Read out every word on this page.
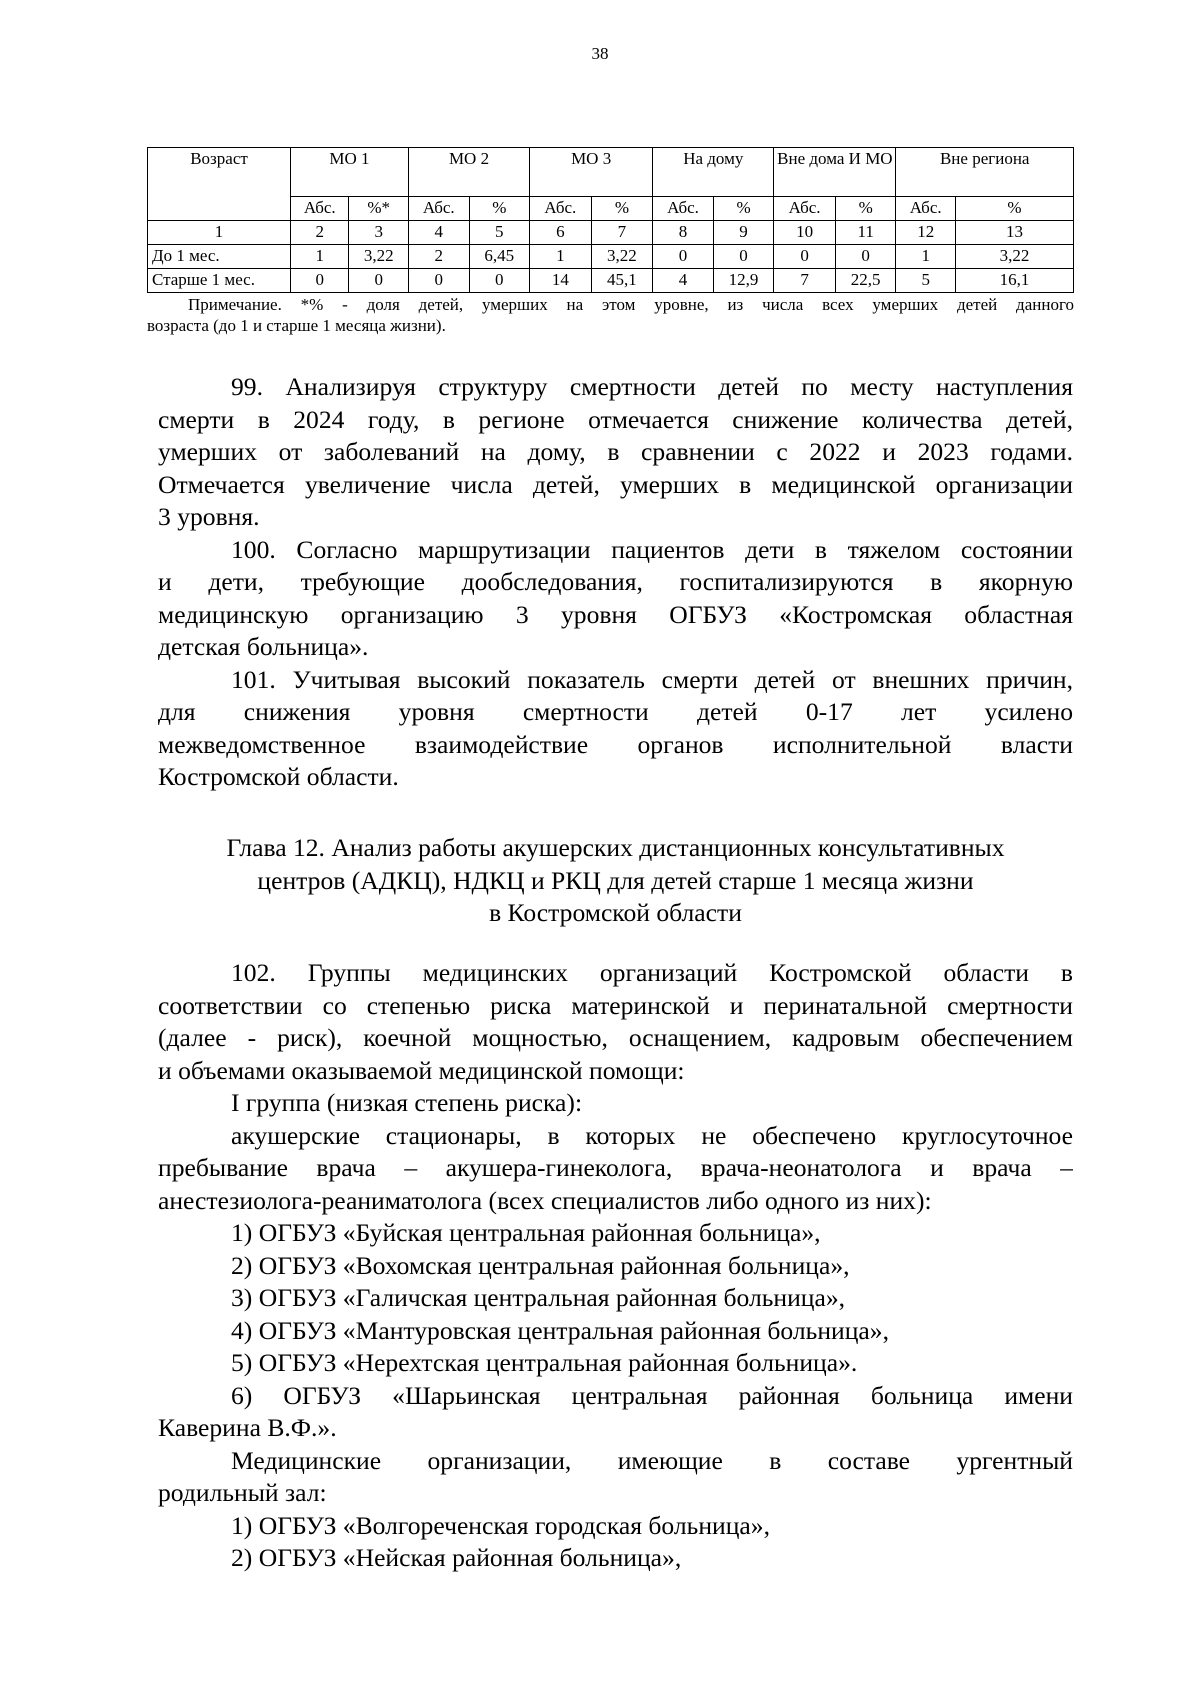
38
Возраст	МО 1		МО 2		МО 3		На дому		Вне дома И МО		Вне региона	
	Абс.	%*	Абс.	%	Абс.	%	Абс.	%	Абс.	%	Абс.	%
1	2	3	4	5	6	7	8	9	10	11	12	13
До 1 мес.	1	3,22	2	6,45	1	3,22	0	0	0	0	1	3,22
Старше 1 мес.	0	0	0	0	14	45,1	4	12,9	7	22,5	5	16,1

Примечание. *% - доля детей, умерших на этом уровне, из числа всех умерших детей данного

возраста (до 1 и старше 1 месяца жизни).

99. Анализируя структуру смертности детей по месту наступления
смерти в 2024 году, в регионе отмечается снижение количества детей,
умерших от заболеваний на дому, в сравнении с 2022 и 2023 годами.
Отмечается увеличение числа детей, умерших в медицинской организации
3 уровня.
100. Согласно маршрутизации пациентов дети в тяжелом состоянии
и дети, требующие дообследования, госпитализируются в якорную
медицинскую организацию 3 уровня ОГБУЗ «Костромская областная
детская больница».
101. Учитывая высокий показатель смерти детей от внешних причин,
для снижения уровня смертности детей 0-17 лет усилено
межведомственное взаимодействие органов исполнительной власти
Костромской области.
Глава 12. Анализ работы акушерских дистанционных консультативных
центров (АДКЦ), НДКЦ и РКЦ для детей старше 1 месяца жизни
в Костромской области
102. Группы медицинских организаций Костромской области в
соответствии со степенью риска материнской и перинатальной смертности
(далее - риск), коечной мощностью, оснащением, кадровым обеспечением
и объемами оказываемой медицинской помощи:
I группа (низкая степень риска):
акушерские стационары, в которых не обеспечено круглосуточное
пребывание врача – акушера-гинеколога, врача-неонатолога и врача –
анестезиолога-реаниматолога (всех специалистов либо одного из них):
1) ОГБУЗ «Буйская центральная районная больница»,
2) ОГБУЗ «Вохомская центральная районная больница»,
3) ОГБУЗ «Галичская центральная районная больница»,
4) ОГБУЗ «Мантуровская центральная районная больница»,
5) ОГБУЗ «Нерехтская центральная районная больница».
6) ОГБУЗ «Шарьинская центральная районная больница имени
Каверина В.Ф.».
Медицинские организации, имеющие в составе ургентный
родильный зал:
1) ОГБУЗ «Волгореченская городская больница»,
2) ОГБУЗ «Нейская районная больница»,
